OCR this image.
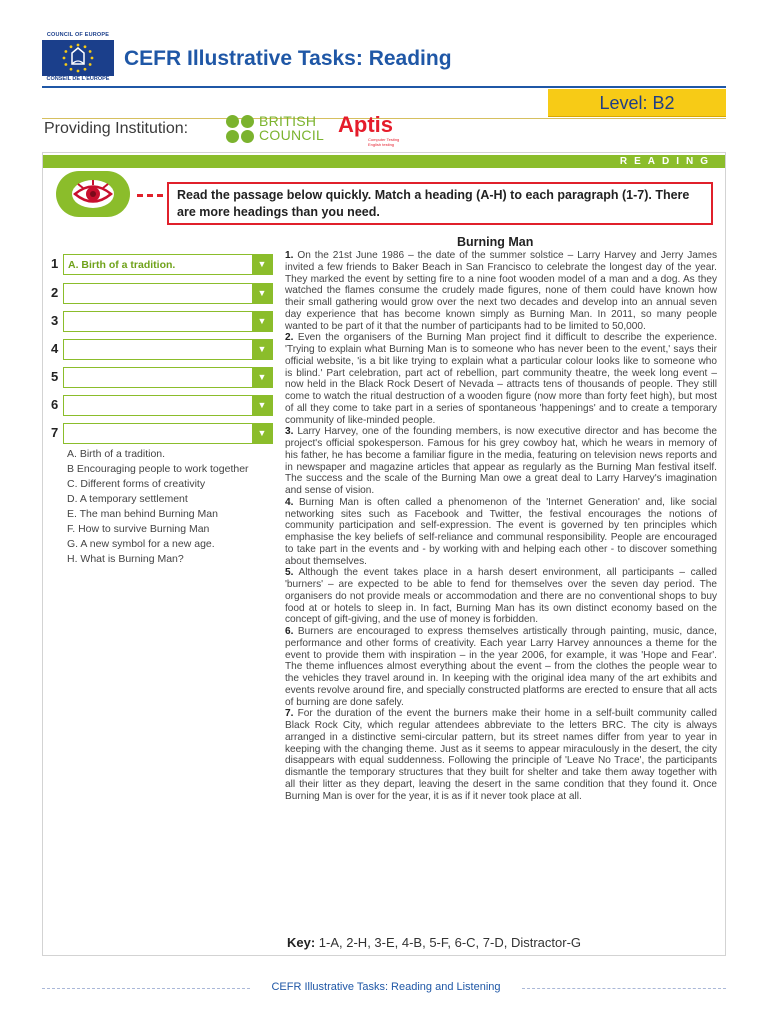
COUNCIL OF EUROPE
CONSEIL DE L'EUROPE
CEFR Illustrative Tasks: Reading
Level: B2
Providing Institution:	BRITISH
COUNCIL Aptis
Computer Testing English testing
READING
Read the passage below quickly. Match a heading (A-H) to each paragraph (1-7). There are more headings than you need.
1 A. Birth of a tradition.	▼
2	▼
3	▼
4	▼
5	▼
6	▼
7	▼
A. Birth of a tradition.
B Encouraging people to work together
C. Different forms of creativity
D. A temporary settlement
E. The man behind Burning Man
F. How to survive Burning Man
G. A new symbol for a new age.
H. What is Burning Man?
Burning Man

1. On the 21st June 1986 – the date of the summer solstice – Larry Harvey and Jerry James invited a few friends to Baker Beach in San Francisco to celebrate the longest day of the year. They marked the event by setting fire to a nine foot wooden model of a man and a dog. As they watched the flames consume the crudely made figures, none of them could have known how their small gathering would grow over the next two decades and develop into an annual seven day experience that has become known simply as Burning Man. In 2011, so many people wanted to be part of it that the number of participants had to be limited to 50,000.

2. Even the organisers of the Burning Man project find it difficult to describe the experience. 'Trying to explain what Burning Man is to someone who has never been to the event,' says their official website, 'is a bit like trying to explain what a particular colour looks like to someone who is blind.' Part celebration, part act of rebellion, part community theatre, the week long event – now held in the Black Rock Desert of Nevada – attracts tens of thousands of people. They still come to watch the ritual destruction of a wooden figure (now more than forty feet high), but most of all they come to take part in a series of spontaneous 'happenings' and to create a temporary community of like-minded people.

3. Larry Harvey, one of the founding members, is now executive director and has become the project's official spokesperson. Famous for his grey cowboy hat, which he wears in memory of his father, he has become a familiar figure in the media, featuring on television news reports and in newspaper and magazine articles that appear as regularly as the Burning Man festival itself. The success and the scale of the Burning Man owe a great deal to Larry Harvey's imagination and sense of vision.

4. Burning Man is often called a phenomenon of the 'Internet Generation' and, like social networking sites such as Facebook and Twitter, the festival encourages the notions of community participation and self-expression. The event is governed by ten principles which emphasise the key beliefs of self-reliance and communal responsibility. People are encouraged to take part in the events and - by working with and helping each other - to discover something about themselves.

5. Although the event takes place in a harsh desert environment, all participants – called 'burners' – are expected to be able to fend for themselves over the seven day period. The organisers do not provide meals or accommodation and there are no conventional shops to buy food at or hotels to sleep in. In fact, Burning Man has its own distinct economy based on the concept of gift-giving, and the use of money is forbidden.

6. Burners are encouraged to express themselves artistically through painting, music, dance, performance and other forms of creativity. Each year Larry Harvey announces a theme for the event to provide them with inspiration – in the year 2006, for example, it was 'Hope and Fear'. The theme influences almost everything about the event – from the clothes the people wear to the vehicles they travel around in. In keeping with the original idea many of the art exhibits and events revolve around fire, and specially constructed platforms are erected to ensure that all acts of burning are done safely.

7. For the duration of the event the burners make their home in a self-built community called Black Rock City, which regular attendees abbreviate to the letters BRC. The city is always arranged in a distinctive semi-circular pattern, but its street names differ from year to year in keeping with the changing theme. Just as it seems to appear miraculously in the desert, the city disappears with equal suddenness. Following the principle of 'Leave No Trace', the participants dismantle the temporary structures that they built for shelter and take them away together with all their litter as they depart, leaving the desert in the same condition that they found it. Once Burning Man is over for the year, it is as if it never took place at all.

Key: 1-A, 2-H, 3-E, 4-B, 5-F, 6-C, 7-D, Distractor-G
CEFR Illustrative Tasks: Reading and Listening
